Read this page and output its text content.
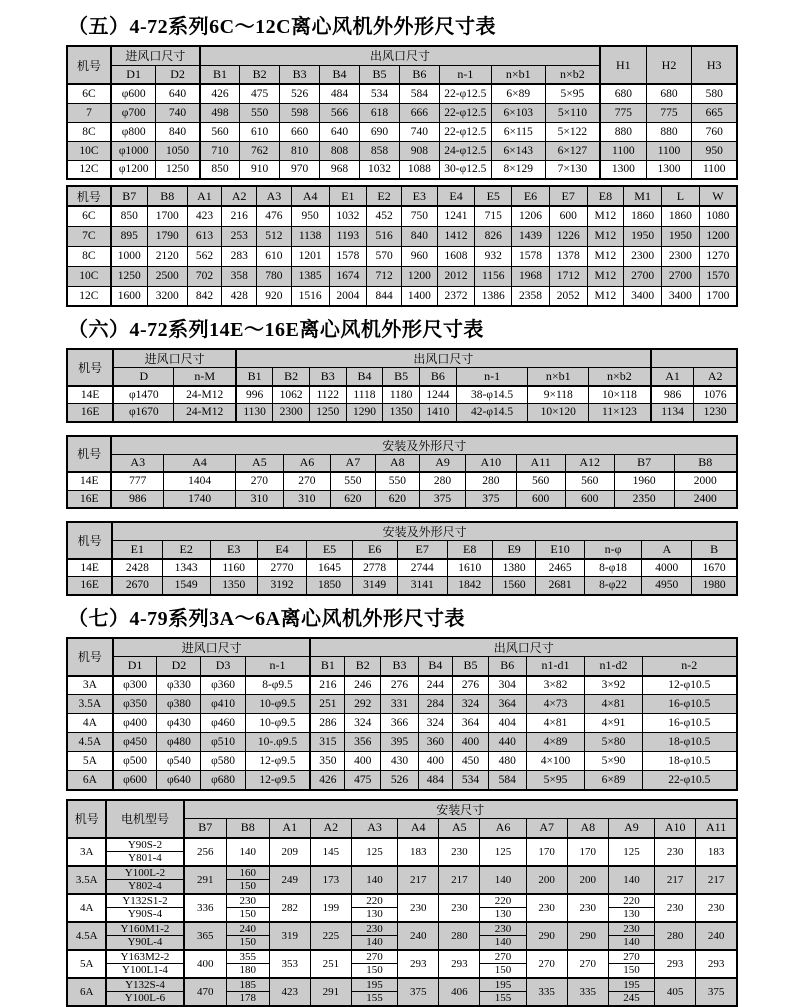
（五）4-72系列6C～12C离心风机外外形尺寸表
机号	进风口尺寸		出风口尺寸									H1	H2	H3
	D1	D2	B1	B2	B3	B4	B5	B6	n-1	n×b1	n×b2			
6C	φ600	640	426	475	526	484	534	584	22-φ12.5	6×89	5×95	680	680	580
7	φ700	740	498	550	598	566	618	666	22-φ12.5	6×103	5×110	775	775	665
8C	φ800	840	560	610	660	640	690	740	22-φ12.5	6×115	5×122	880	880	760
10C	φ1000	1050	710	762	810	808	858	908	24-φ12.5	6×143	6×127	1100	1100	950
12C	φ1200	1250	850	910	970	968	1032	1088	30-φ12.5	8×129	7×130	1300	1300	1100
机号	B7	B8	A1	A2	A3	A4	E1	E2	E3	E4	E5	E6	E7	E8	M1	L	W
6C	850	1700	423	216	476	950	1032	452	750	1241	715	1206	600	M12	1860	1860	1080
7C	895	1790	613	253	512	1138	1193	516	840	1412	826	1439	1226	M12	1950	1950	1200
8C	1000	2120	562	283	610	1201	1578	570	960	1608	932	1578	1378	M12	2300	2300	1270
10C	1250	2500	702	358	780	1385	1674	712	1200	2012	1156	1968	1712	M12	2700	2700	1570
12C	1600	3200	842	428	920	1516	2004	844	1400	2372	1386	2358	2052	M12	3400	3400	1700
（六）4-72系列14E～16E离心风机外形尺寸表
机号	进风口尺寸		出风口尺寸										
	D	n-M	B1	B2	B3	B4	B5	B6	n-1	n×b1	n×b2	A1	A2
14E	φ1470	24-M12	996	1062	1122	1118	1180	1244	38-φ14.5	9×118	10×118	986	1076
16E	φ1670	24-M12	1130	2300	1250	1290	1350	1410	42-φ14.5	10×120	11×123	1134	1230
机号	安装及外形尺寸											
	A3	A4	A5	A6	A7	A8	A9	A10	A11	A12	B7	B8
14E	777	1404	270	270	550	550	280	280	560	560	1960	2000
16E	986	1740	310	310	620	620	375	375	600	600	2350	2400
机号	安装及外形尺寸												
	E1	E2	E3	E4	E5	E6	E7	E8	E9	E10	n-φ	A	B
14E	2428	1343	1160	2770	1645	2778	2744	1610	1380	2465	8-φ18	4000	1670
16E	2670	1549	1350	3192	1850	3149	3141	1842	1560	2681	8-φ22	4950	1980
（七）4-79系列3A～6A离心风机外形尺寸表
机号	进风口尺寸				出风口尺寸								
	D1	D2	D3	n-1	B1	B2	B3	B4	B5	B6	n1-d1	n1-d2	n-2
3A	φ300	φ330	φ360	8-φ9.5	216	246	276	244	276	304	3×82	3×92	12-φ10.5
3.5A	φ350	φ380	φ410	10-φ9.5	251	292	331	284	324	364	4×73	4×81	16-φ10.5
4A	φ400	φ430	φ460	10-φ9.5	286	324	366	324	364	404	4×81	4×91	16-φ10.5
4.5A	φ450	φ480	φ510	10-.φ9.5	315	356	395	360	400	440	4×89	5×80	18-φ10.5
5A	φ500	φ540	φ580	12-φ9.5	350	400	430	400	450	480	4×100	5×90	18-φ10.5
6A	φ600	φ640	φ680	12-φ9.5	426	475	526	484	534	584	5×95	6×89	22-φ10.5
机号	电机型号	安装尺寸												
		B7	B8	A1	A2	A3	A4	A5	A6	A7	A8	A9	A10	A11
3A	Y90S-2	256	140	209	145	125	183	230	125	170	170	125	230	183
	Y801-4													
3.5A	Y100L-2	291	160	249	173	140	217	217	140	200	200	140	217	217
	Y802-4		150											
4A	Y132S1-2	336	230	282	199	220	230	230	220	230	230	220	230	230
	Y90S-4		150			130			130			130		
4.5A	Y160M1-2	365	240	319	225	230	240	280	230	290	290	230	280	240
	Y90L-4		150			140			140			140		
5A	Y163M2-2	400	355	353	251	270	293	293	270	270	270	270	293	293
	Y100L1-4		180			150			150			150		
6A	Y132S-4	470	185	423	291	195	375	406	195	335	335	195	405	375
	Y100L-6		178			155			155			245		
